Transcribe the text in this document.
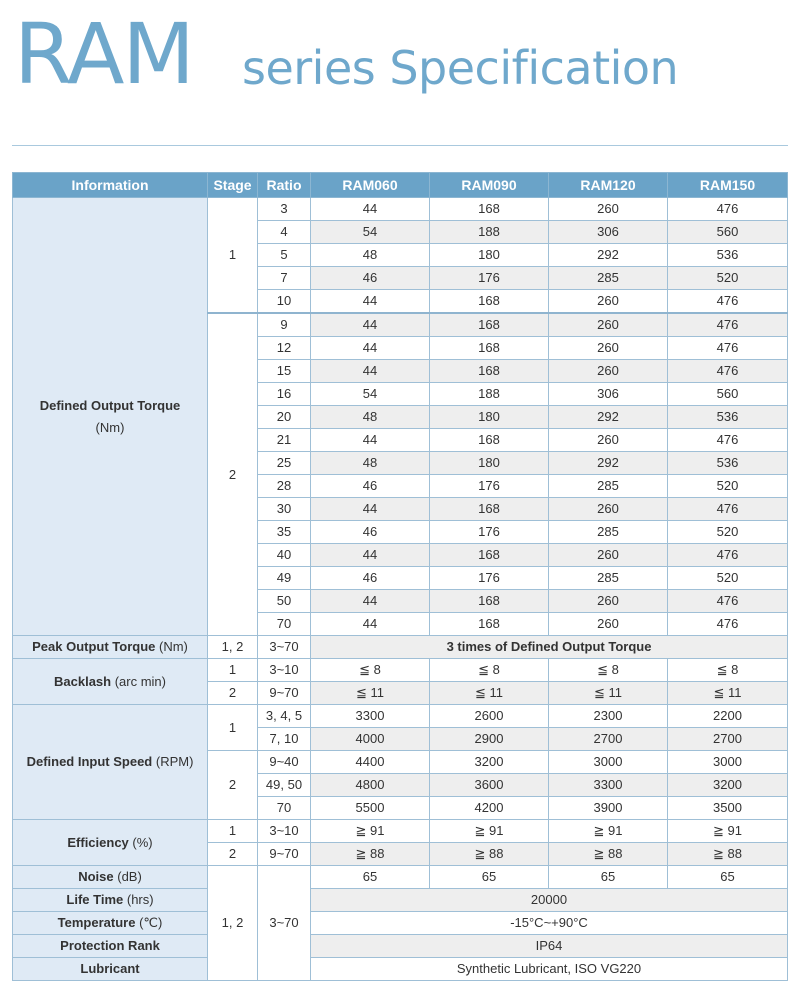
RAM series Specification
Information	Stage	Ratio	RAM060	RAM090	RAM120	RAM150
Defined Output Torque
(Nm)	1	3	44	168	260	476
		4	54	188	306	560
		5	48	180	292	536
		7	46	176	285	520
		10	44	168	260	476
	2	9	44	168	260	476
		12	44	168	260	476
		15	44	168	260	476
		16	54	188	306	560
		20	48	180	292	536
		21	44	168	260	476
		25	48	180	292	536
		28	46	176	285	520
		30	44	168	260	476
		35	46	176	285	520
		40	44	168	260	476
		49	46	176	285	520
		50	44	168	260	476
		70	44	168	260	476
Peak Output Torque (Nm)	1, 2	3~70	3 times of Defined Output Torque			
Backlash (arc min)	1	3~10	≦ 8	≦ 8	≦ 8	≦ 8
	2	9~70	≦ 11	≦ 11	≦ 11	≦ 11
Defined Input Speed (RPM)	1	3, 4, 5	3300	2600	2300	2200
		7, 10	4000	2900	2700	2700
	2	9~40	4400	3200	3000	3000
		49, 50	4800	3600	3300	3200
		70	5500	4200	3900	3500
Efficiency (%)	1	3~10	≧ 91	≧ 91	≧ 91	≧ 91
	2	9~70	≧ 88	≧ 88	≧ 88	≧ 88
Noise (dB)	1, 2	3~70	65	65	65	65
Life Time (hrs)			20000			
Temperature (℃)			-15°C~+90°C			
Protection Rank			IP64			
Lubricant			Synthetic Lubricant, ISO VG220			
